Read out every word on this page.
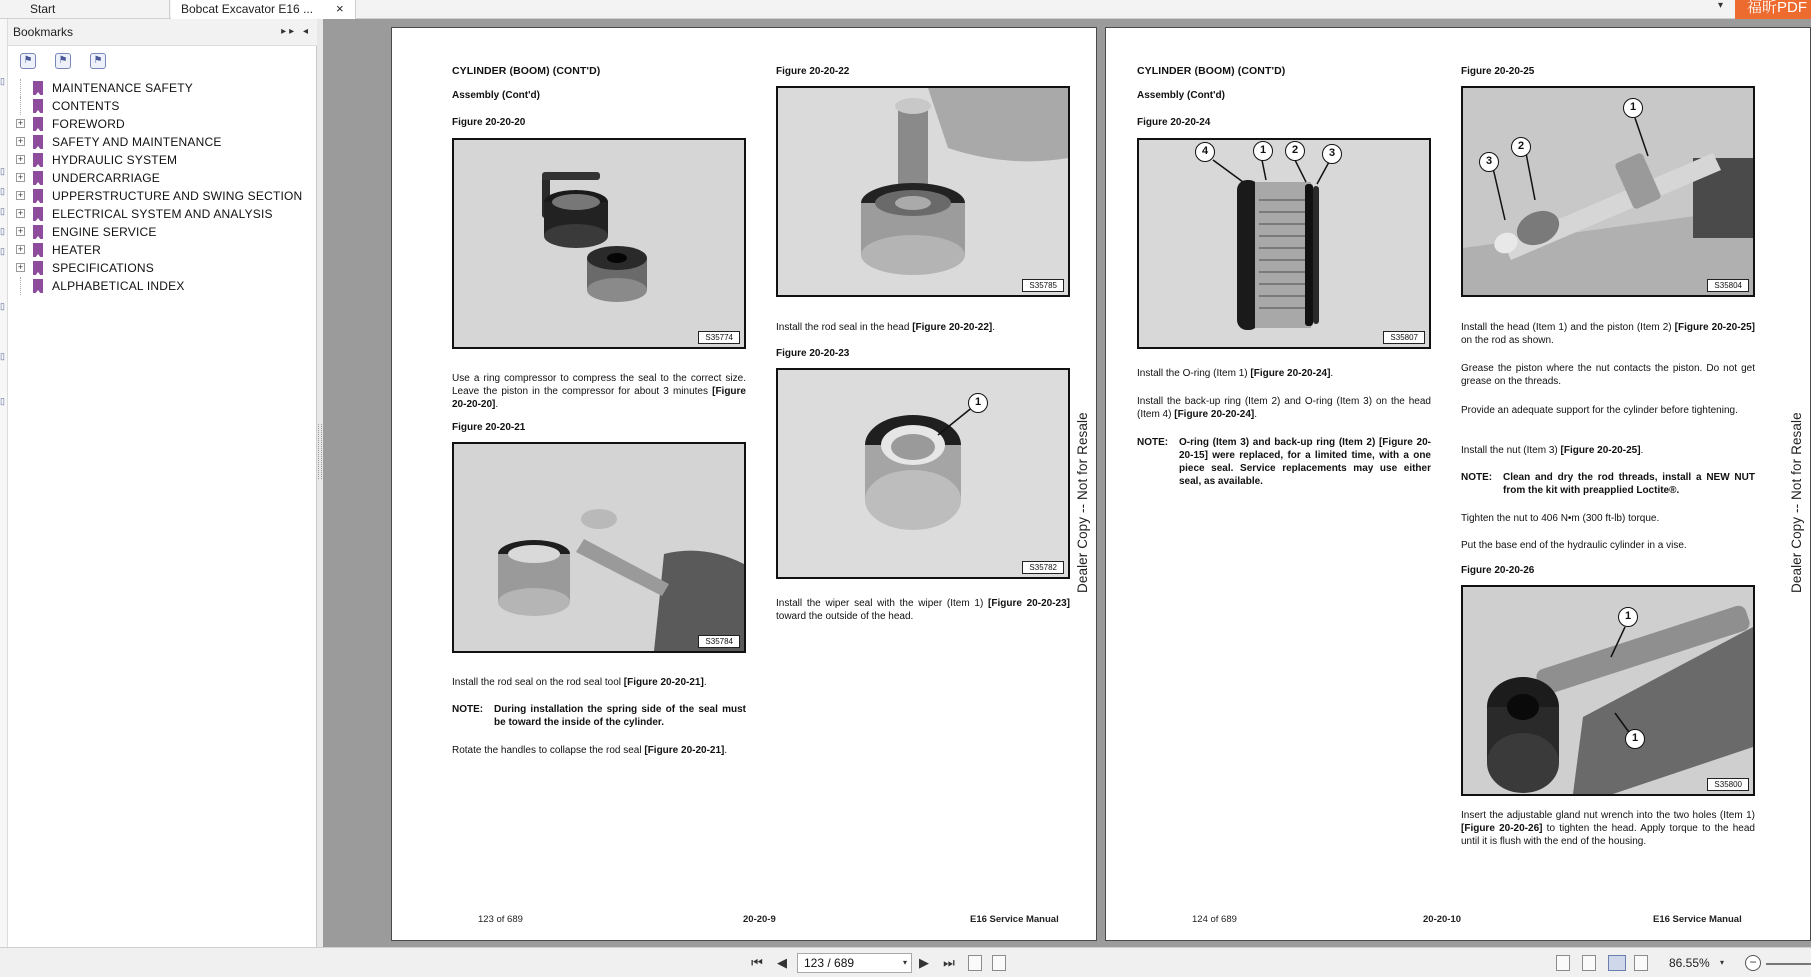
Start	Bobcat Excavator E16 ...	×	▾	福昕PDF
▯
▯
▯
▯
▯
▯
▯
▯
▯
Bookmarks	▸▸ ◂
⚑	⚑	⚑
MAINTENANCE SAFETY
CONTENTS
+ FOREWORD
+ SAFETY AND MAINTENANCE
+ HYDRAULIC SYSTEM
+ UNDERCARRIAGE
+ UPPERSTRUCTURE AND SWING SECTION
+ ELECTRICAL SYSTEM AND ANALYSIS
+ ENGINE SERVICE
+ HEATER
+ SPECIFICATIONS
ALPHABETICAL INDEX
CYLINDER (BOOM) (CONT'D)
Assembly (Cont'd)
Figure 20-20-20
S35774
Use a ring compressor to compress the seal to the correct size. Leave the piston in the compressor for about 3 minutes [Figure 20-20-20].
Figure 20-20-21
S35784
Install the rod seal on the rod seal tool [Figure 20-20-21].
NOTE: During installation the spring side of the seal must be toward the inside of the cylinder.
Rotate the handles to collapse the rod seal [Figure 20-20-21].
Figure 20-20-22
S35785
Install the rod seal in the head [Figure 20-20-22].
Figure 20-20-23
1
S35782
Install the wiper seal with the wiper (Item 1) [Figure 20-20-23] toward the outside of the head.
Dealer Copy -- Not for Resale
123 of 689	20-20-9	E16 Service Manual
CYLINDER (BOOM) (CONT'D)
Assembly (Cont'd)
Figure 20-20-24
4	1	2	3
S35807
Install the O-ring (Item 1) [Figure 20-20-24].
Install the back-up ring (Item 2) and O-ring (Item 3) on the head (Item 4) [Figure 20-20-24].
NOTE: O-ring (Item 3) and back-up ring (Item 2) [Figure 20-20-15] were replaced, for a limited time, with a one piece seal. Service replacements may use either seal, as available.
Figure 20-20-25
3
2
1
S35804
Install the head (Item 1) and the piston (Item 2) [Figure 20-20-25] on the rod as shown.
Grease the piston where the nut contacts the piston. Do not get grease on the threads.
Provide an adequate support for the cylinder before tightening.
Install the nut (Item 3) [Figure 20-20-25].
NOTE: Clean and dry the rod threads, install a NEW NUT from the kit with preapplied Loctite®.
Tighten the nut to 406 N•m (300 ft-lb) torque.
Put the base end of the hydraulic cylinder in a vise.
Figure 20-20-26
1
1
S35800
Insert the adjustable gland nut wrench into the two holes (Item 1) [Figure 20-20-26] to tighten the head. Apply torque to the head until it is flush with the end of the housing.
Dealer Copy -- Not for Resale
124 of 689	20-20-10	E16 Service Manual
⏮	◀	123 / 689	▾ ▶	⏭	86.55% ▾	−
